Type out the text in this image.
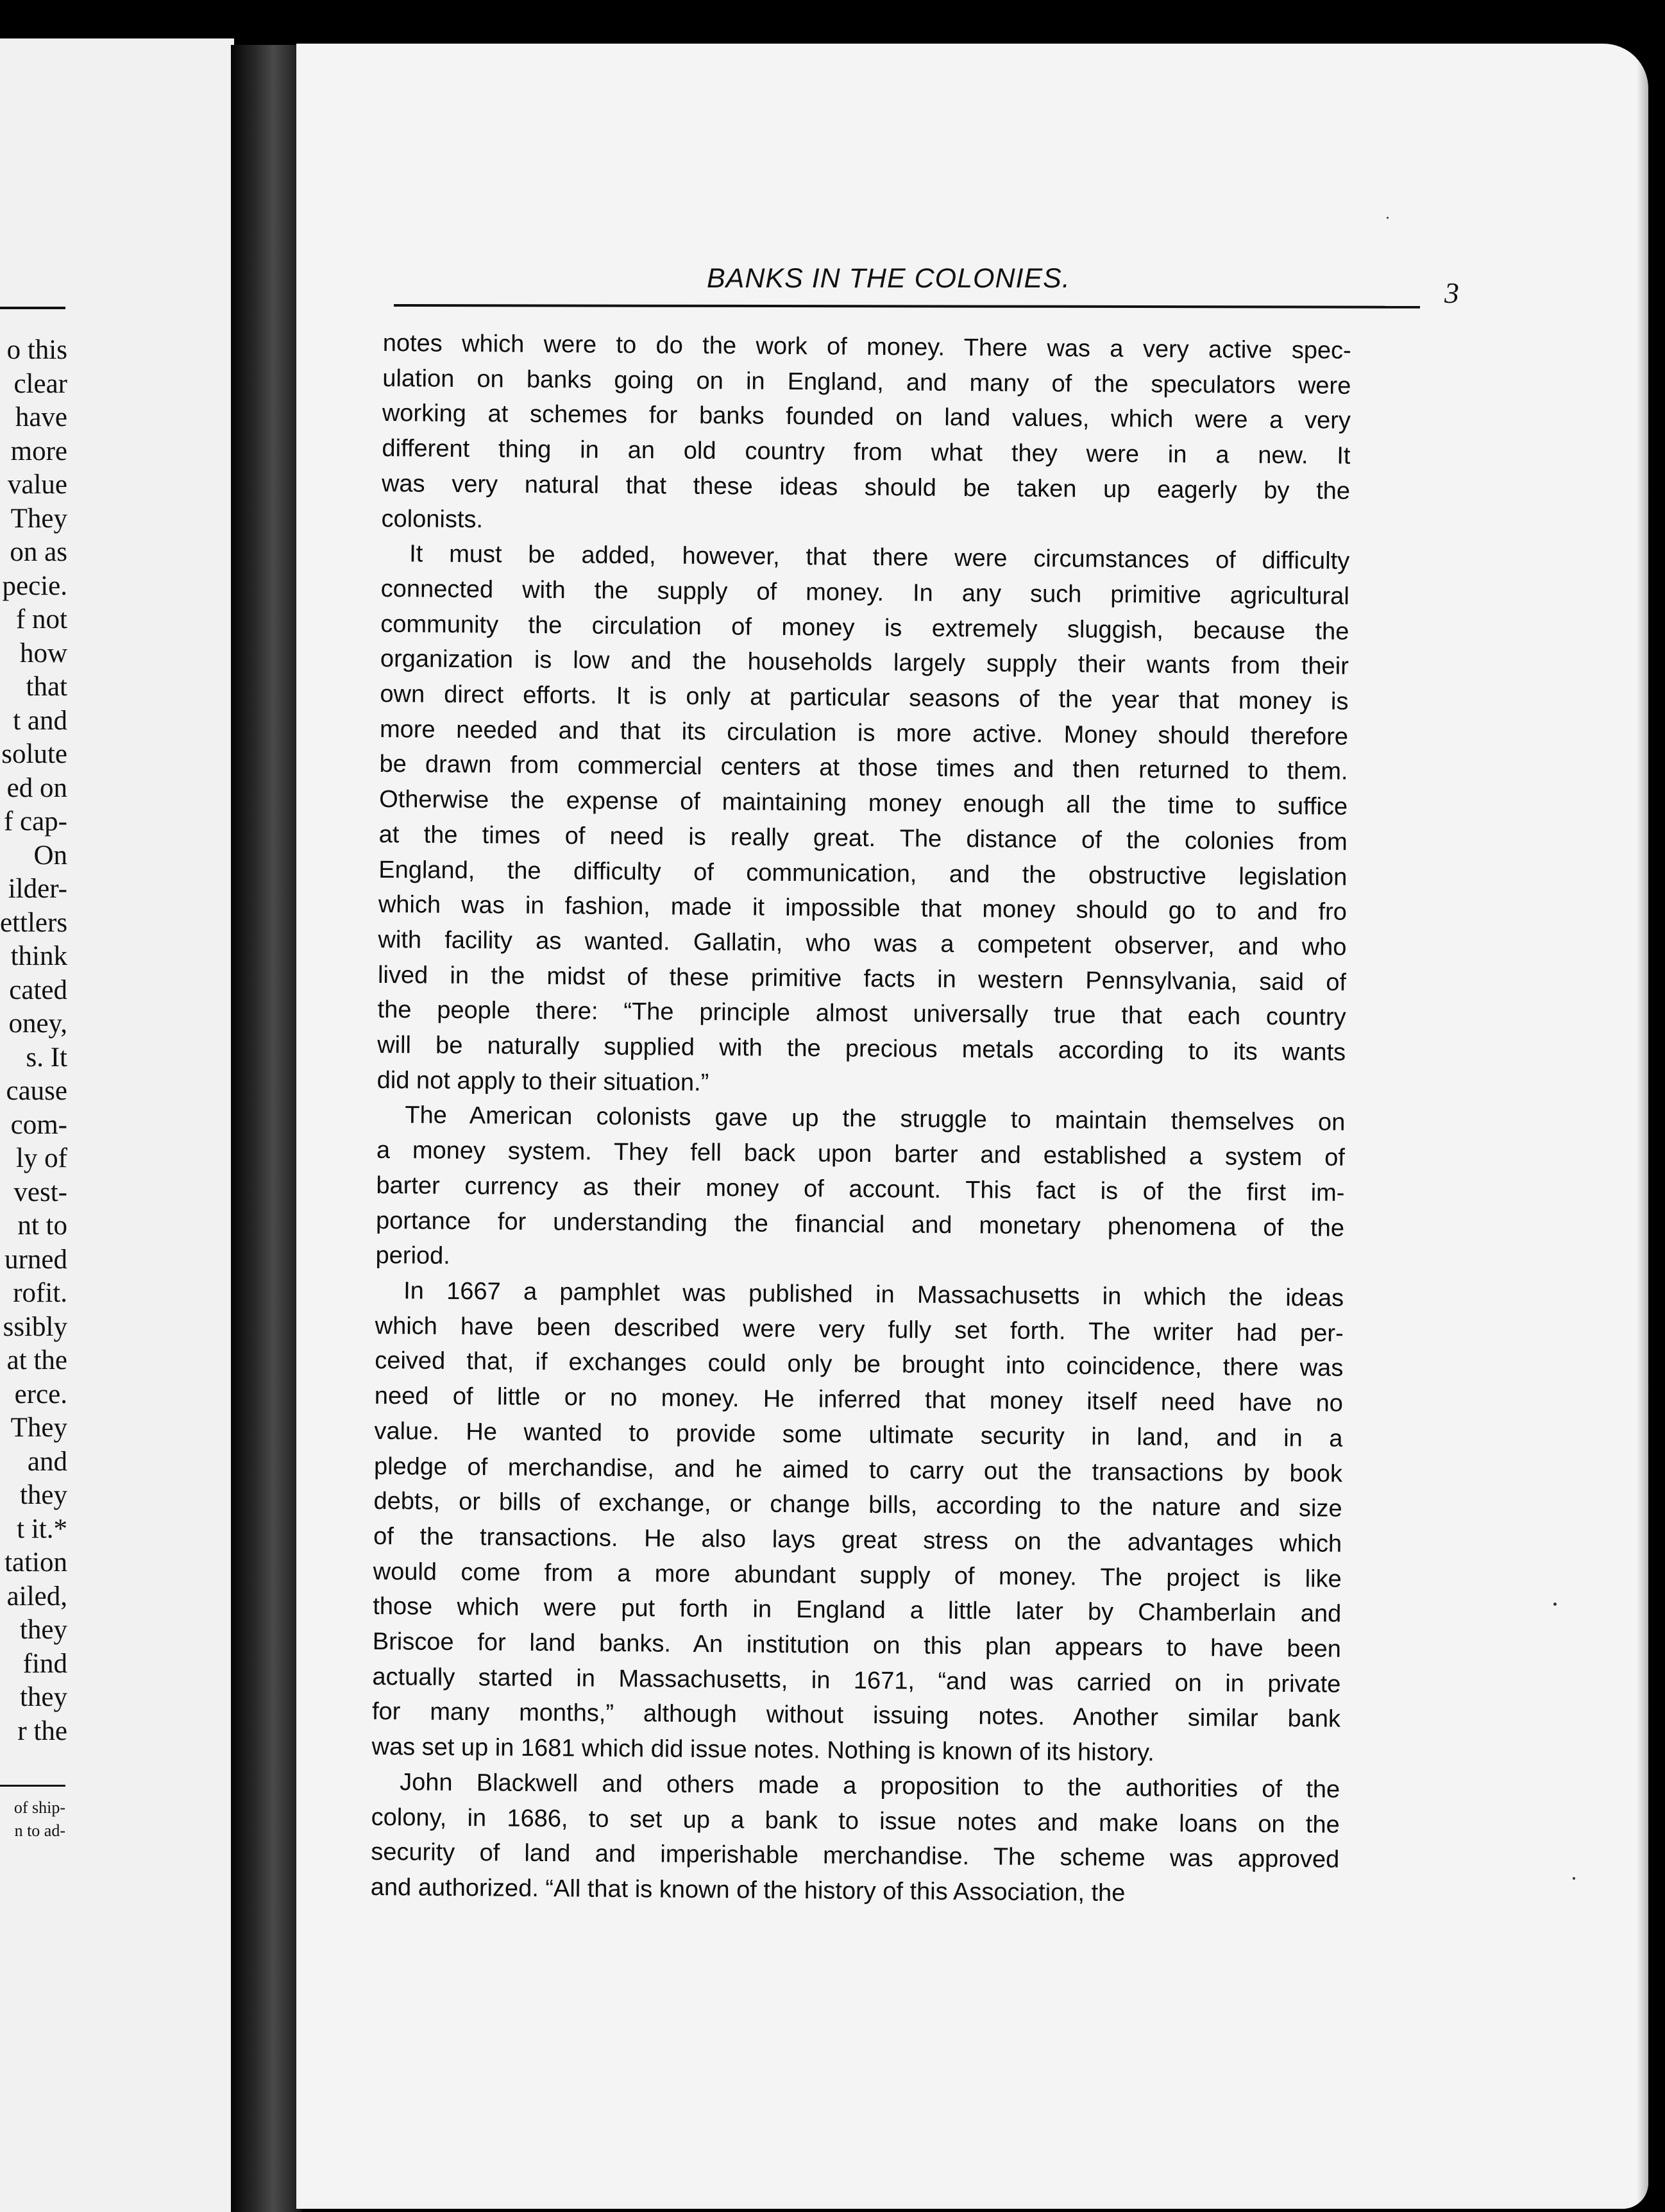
o this
clear
have
more
value
They
on as
pecie.
f not
how
that
t and
solute
ed on
f cap-
On
ilder-
ettlers
think
cated
oney,
s. It
cause
com-
ly of
vest-
nt to
urned
rofit.
ssibly
at the
erce.
They
and
they
t it.*
tation
ailed,
they
find
they
r the
of ship-
n to ad-
BANKS IN THE COLONIES.	3

notes which were to do the work of money. There was a very active spec-
ulation on banks going on in England, and many of the speculators were
working at schemes for banks founded on land values, which were a very
different thing in an old country from what they were in a new. It
was very natural that these ideas should be taken up eagerly by the
colonists.

It must be added, however, that there were circumstances of difficulty
connected with the supply of money. In any such primitive agricultural
community the circulation of money is extremely sluggish, because the
organization is low and the households largely supply their wants from their
own direct efforts. It is only at particular seasons of the year that money is
more needed and that its circulation is more active. Money should therefore
be drawn from commercial centers at those times and then returned to them.
Otherwise the expense of maintaining money enough all the time to suffice
at the times of need is really great. The distance of the colonies from
England, the difficulty of communication, and the obstructive legislation
which was in fashion, made it impossible that money should go to and fro
with facility as wanted. Gallatin, who was a competent observer, and who
lived in the midst of these primitive facts in western Pennsylvania, said of
the people there: “The principle almost universally true that each country
will be naturally supplied with the precious metals according to its wants
did not apply to their situation.”

The American colonists gave up the struggle to maintain themselves on
a money system. They fell back upon barter and established a system of
barter currency as their money of account. This fact is of the first im-
portance for understanding the financial and monetary phenomena of the
period.

In 1667 a pamphlet was published in Massachusetts in which the ideas
which have been described were very fully set forth. The writer had per-
ceived that, if exchanges could only be brought into coincidence, there was
need of little or no money. He inferred that money itself need have no
value. He wanted to provide some ultimate security in land, and in a
pledge of merchandise, and he aimed to carry out the transactions by book
debts, or bills of exchange, or change bills, according to the nature and size
of the transactions. He also lays great stress on the advantages which
would come from a more abundant supply of money. The project is like
those which were put forth in England a little later by Chamberlain and
Briscoe for land banks. An institution on this plan appears to have been
actually started in Massachusetts, in 1671, “and was carried on in private
for many months,” although without issuing notes. Another similar bank
was set up in 1681 which did issue notes. Nothing is known of its history.

John Blackwell and others made a proposition to the authorities of the
colony, in 1686, to set up a bank to issue notes and make loans on the
security of land and imperishable merchandise. The scheme was approved
and authorized. “All that is known of the history of this Association, the
